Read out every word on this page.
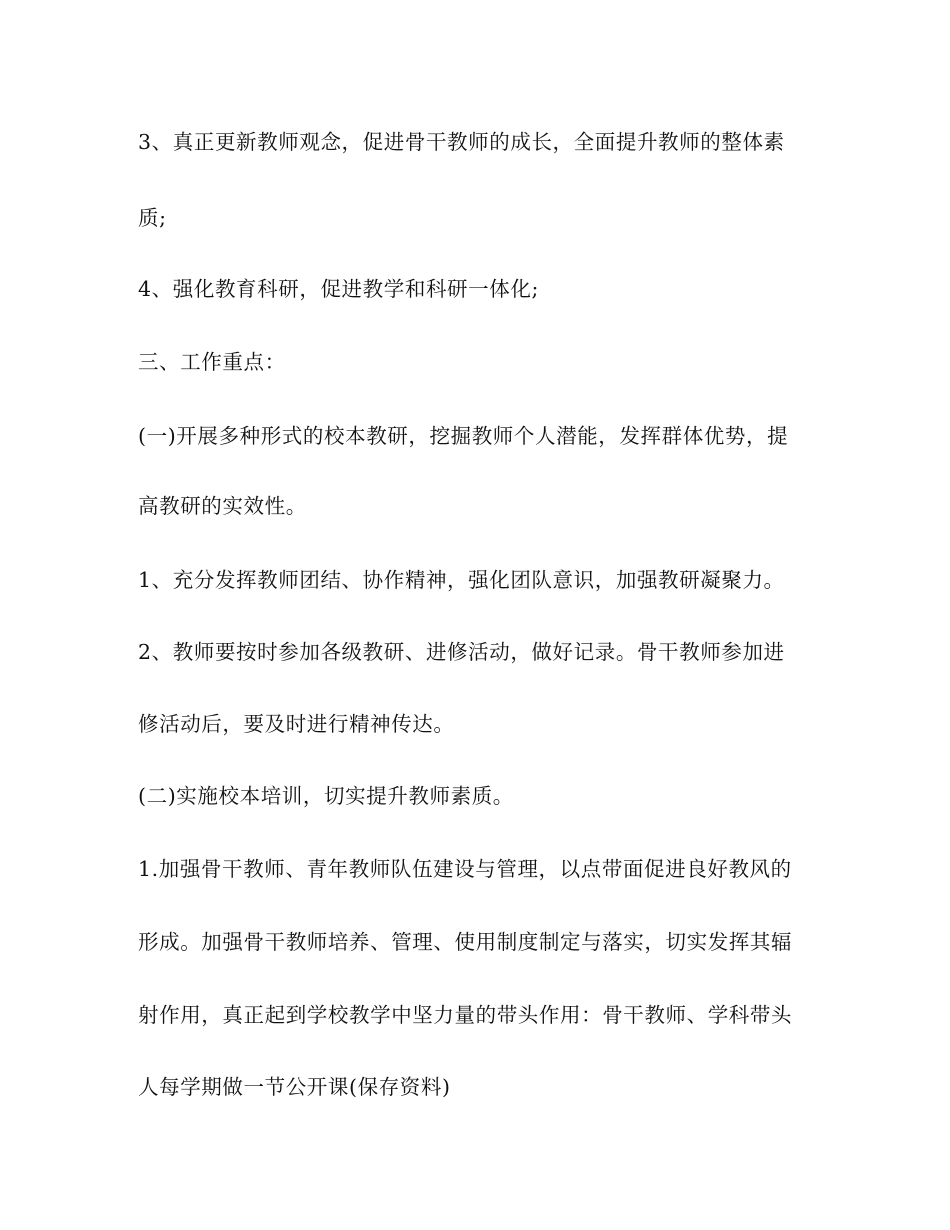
3、真正更新教师观念，促进骨干教师的成长，全面提升教师的整体素
质;
4、强化教育科研，促进教学和科研一体化;
三、工作重点：
(一)开展多种形式的校本教研，挖掘教师个人潜能，发挥群体优势，提
高教研的实效性。
1、充分发挥教师团结、协作精神，强化团队意识，加强教研凝聚力。
2、教师要按时参加各级教研、进修活动，做好记录。骨干教师参加进
修活动后，要及时进行精神传达。
(二)实施校本培训，切实提升教师素质。
1.加强骨干教师、青年教师队伍建设与管理，以点带面促进良好教风的
形成。加强骨干教师培养、管理、使用制度制定与落实，切实发挥其辐
射作用，真正起到学校教学中坚力量的带头作用：骨干教师、学科带头
人每学期做一节公开课(保存资料)
